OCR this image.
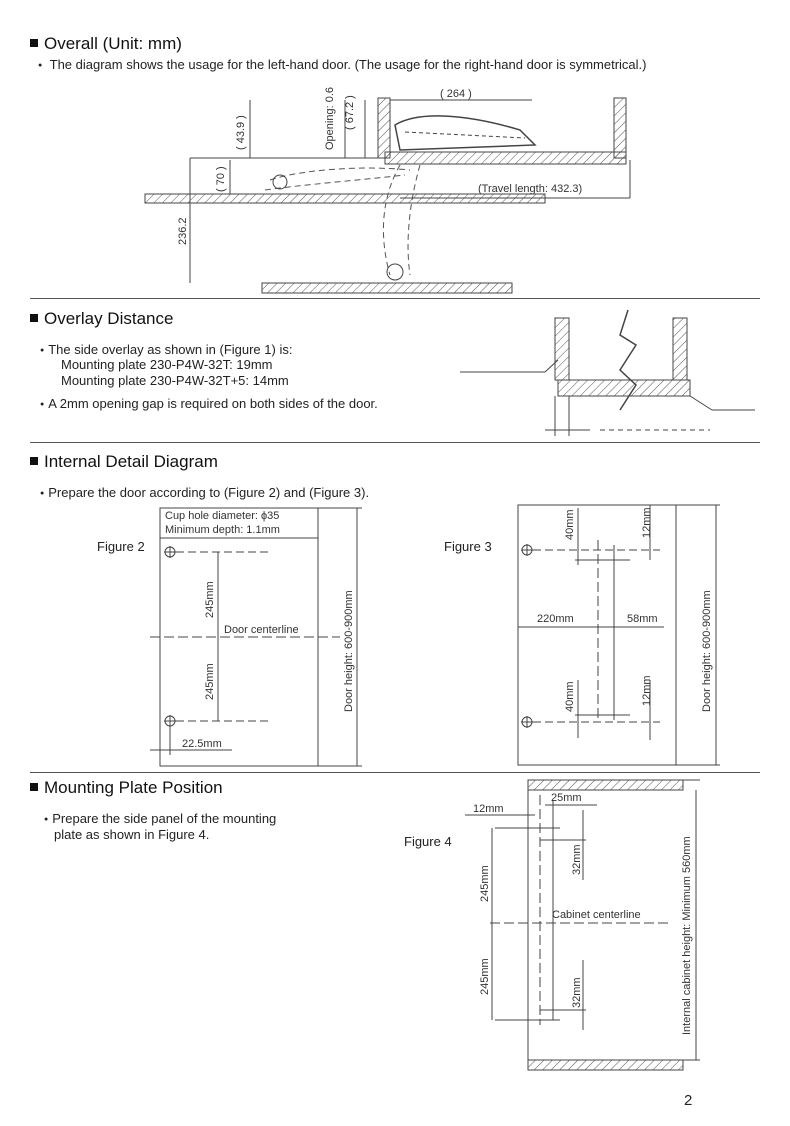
Overall (Unit: mm)
● The diagram shows the usage for the left-hand door. (The usage for the right-hand door is symmetrical.)
( 264 )
( 67.2 )
Opening: 0.6
( 43.9 )
( 70 )
236.2
(Travel length: 432.3)
Overlay Distance
● The side overlay as shown in (Figure 1) is:
Mounting plate 230-P4W-32T: 19mm
Mounting plate 230-P4W-32T+5: 14mm
● A 2mm opening gap is required on both sides of the door.
Internal Detail Diagram
● Prepare the door according to (Figure 2) and (Figure 3).
Figure 2
Cup hole diameter: ϕ35
Minimum depth: 1.1mm
245mm
Door centerline
245mm
22.5mm
Door height: 600-900mm
Figure 3
40mm	12mm
220mm	58mm
40mm	12mm	Door height: 600-900mm
Mounting Plate Position
● Prepare the side panel of the mounting
plate as shown in Figure 4.	Figure 4
12mm
25mm
32mm
245mm
Cabinet centerline
245mm	32mm	Internal cabinet height: Minimum 560mm
2
